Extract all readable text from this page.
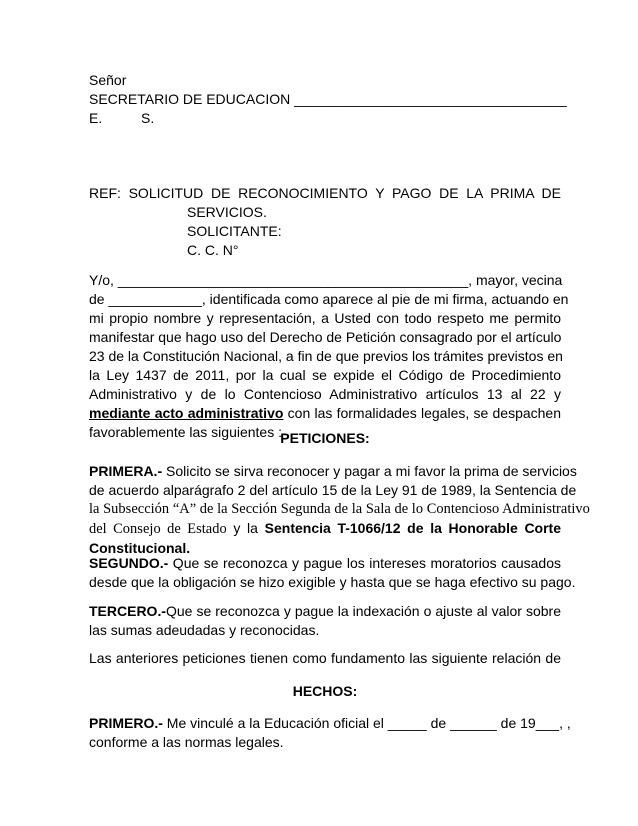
Señor
SECRETARIO DE EDUCACION ___________________________________
E.	S.
REF: SOLICITUD DE RECONOCIMIENTO Y PAGO DE LA PRIMA DE
SERVICIOS.
SOLICITANTE:
C. C. N°
Y/o, _____________________________________________, mayor, vecina
de ____________, identificada como aparece al pie de mi firma, actuando en
mi propio nombre y representación, a Usted con todo respeto me permito
manifestar que hago uso del Derecho de Petición consagrado por el artículo
23 de la Constitución Nacional, a fin de que previos los trámites previstos en
la Ley 1437 de 2011, por la cual se expide el Código de Procedimiento
Administrativo y de lo Contencioso Administrativo artículos 13 al 22 y
mediante acto administrativo con las formalidades legales, se despachen
favorablemente las siguientes :
PETICIONES:
PRIMERA.- Solicito se sirva reconocer y pagar a mi favor la prima de servicios
de acuerdo alparágrafo 2 del artículo 15 de la Ley 91 de 1989, la Sentencia de
la Subsección “A” de la Sección Segunda de la Sala de lo Contencioso Administrativo
del Consejo de Estado y la Sentencia T-1066/12 de la Honorable Corte
Constitucional.
SEGUNDO.- Que se reconozca y pague los intereses moratorios causados
desde que la obligación se hizo exigible y hasta que se haga efectivo su pago.
TERCERO.-Que se reconozca y pague la indexación o ajuste al valor sobre
las sumas adeudadas y reconocidas.
Las anteriores peticiones tienen como fundamento las siguiente relación de
HECHOS:
PRIMERO.- Me vinculé a la Educación oficial el _____ de ______ de 19___, ,
conforme a las normas legales.
